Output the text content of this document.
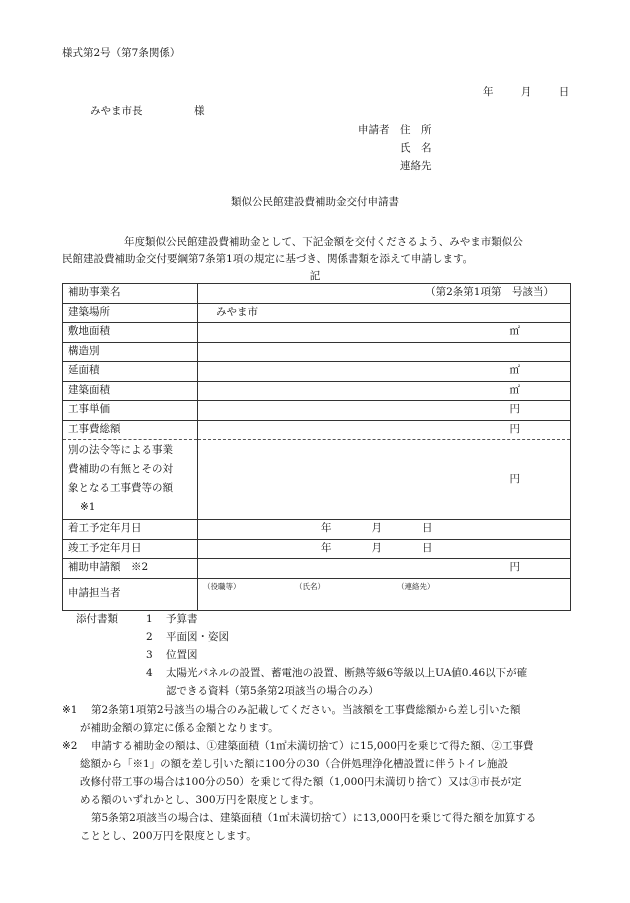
様式第2号（第7条関係）
年	月	日
みやま市長	様
申請者 住　所
氏　名
連絡先
類似公民館建設費補助金交付申請書
年度類似公民館建設費補助金として、下記金額を交付くださるよう、みやま市類似公
民館建設費補助金交付要綱第7条第1項の規定に基づき、関係書類を添えて申請します。
記
補助事業名	（第2条第1項第　号該当）
建築場所	みやま市
敷地面積	㎡
構造別	
延面積	㎡
建築面積	㎡
工事単価	円
工事費総額	円

別の法令等による事業
費補助の有無とその対
象となる工事費等の額
※1	円
着工予定年月日	年 月 日
竣工予定年月日	年 月 日
補助申請額　※2	円
申請担当者	（役職等） （氏名） （連絡先）
添付書類	1 予算書
2 平面図・姿図
3 位置図
4 太陽光パネルの設置、蓄電池の設置、断熱等級6等級以上UA値0.46以下が確
認できる資料（第5条第2項該当の場合のみ）
※1 第2条第1項第2号該当の場合のみ記載してください。当該額を工事費総額から差し引いた額
が補助金額の算定に係る金額となります。
※2 申請する補助金の額は、①建築面積（1㎡未満切捨て）に15,000円を乗じて得た額、②工事費
総額から「※1」の額を差し引いた額に100分の30（合併処理浄化槽設置に伴うトイレ施設
改修付帯工事の場合は100分の50）を乗じて得た額（1,000円未満切り捨て）又は③市長が定
める額のいずれかとし、300万円を限度とします。
第5条第2項該当の場合は、建築面積（1㎡未満切捨て）に13,000円を乗じて得た額を加算する
こととし、200万円を限度とします。
